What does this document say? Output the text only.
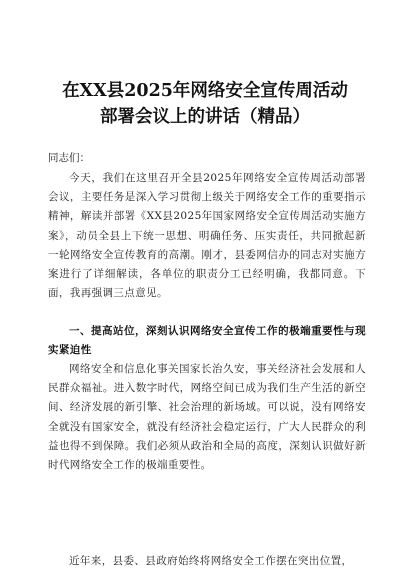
在XX县2025年网络安全宣传周活动
部署会议上的讲话（精品）
同志们：
今天，我们在这里召开全县2025年网络安全宣传周活动部署会议，主要任务是深入学习贯彻上级关于网络安全工作的重要指示精神，解读并部署《XX县2025年国家网络安全宣传周活动实施方案》，动员全县上下统一思想、明确任务、压实责任，共同掀起新一轮网络安全宣传教育的高潮。刚才，县委网信办的同志对实施方案进行了详细解读，各单位的职责分工已经明确，我都同意。下面，我再强调三点意见。
一、提高站位，深刻认识网络安全宣传工作的极端重要性与现实紧迫性
网络安全和信息化事关国家长治久安，事关经济社会发展和人民群众福祉。进入数字时代，网络空间已成为我们生产生活的新空间、经济发展的新引擎、社会治理的新场域。可以说，没有网络安全就没有国家安全，就没有经济社会稳定运行，广大人民群众的利益也得不到保障。我们必须从政治和全局的高度，深刻认识做好新时代网络安全工作的极端重要性。
近年来，县委、县政府始终将网络安全工作摆在突出位置，
